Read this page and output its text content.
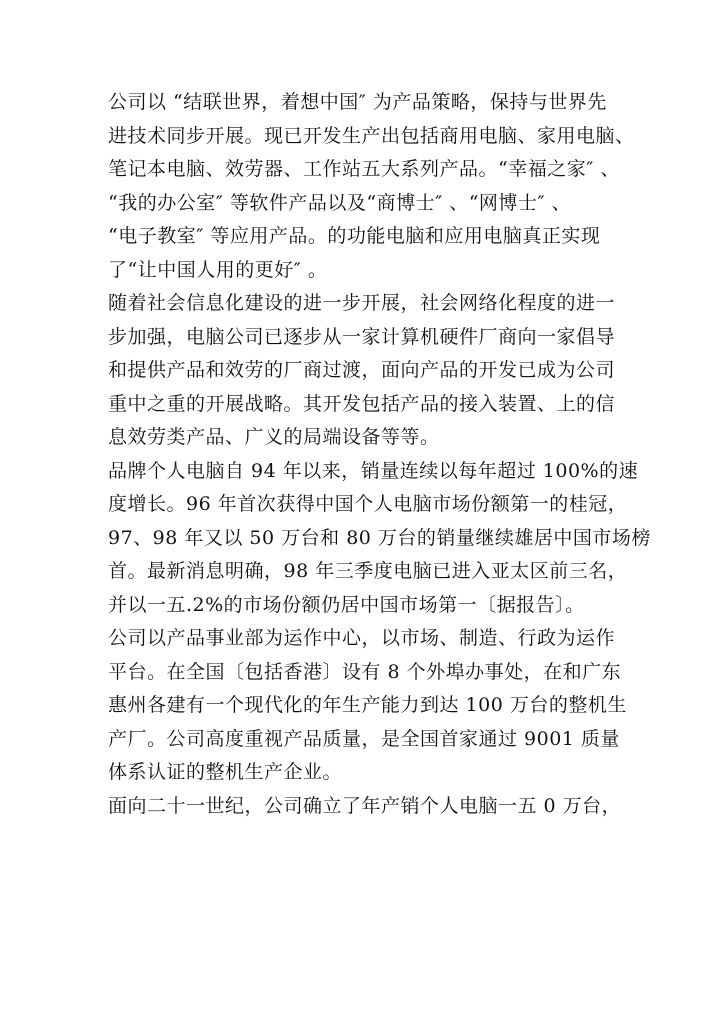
公司以 “结联世界，着想中国″ 为产品策略，保持与世界先
进技术同步开展。现已开发生产出包括商用电脑、家用电脑、
笔记本电脑、效劳器、工作站五大系列产品。“幸福之家″ 、
“我的办公室″ 等软件产品以及“商博士″ 、“网博士″ 、
“电子教室″ 等应用产品。的功能电脑和应用电脑真正实现
了“让中国人用的更好″ 。
随着社会信息化建设的进一步开展，社会网络化程度的进一
步加强，电脑公司已逐步从一家计算机硬件厂商向一家倡导
和提供产品和效劳的厂商过渡，面向产品的开发已成为公司
重中之重的开展战略。其开发包括产品的接入装置、上的信
息效劳类产品、广义的局端设备等等。
品牌个人电脑自 94 年以来，销量连续以每年超过 100%的速
度增长。96 年首次获得中国个人电脑市场份额第一的桂冠，
97、98 年又以 50 万台和 80 万台的销量继续雄居中国市场榜
首。最新消息明确，98 年三季度电脑已进入亚太区前三名，
并以一五.2%的市场份额仍居中国市场第一〔据报告〕。
公司以产品事业部为运作中心，以市场、制造、行政为运作
平台。在全国〔包括香港〕设有 8 个外埠办事处，在和广东
惠州各建有一个现代化的年生产能力到达 100 万台的整机生
产厂。公司高度重视产品质量，是全国首家通过 9001 质量
体系认证的整机生产企业。
面向二十一世纪，公司确立了年产销个人电脑一五 0 万台，
